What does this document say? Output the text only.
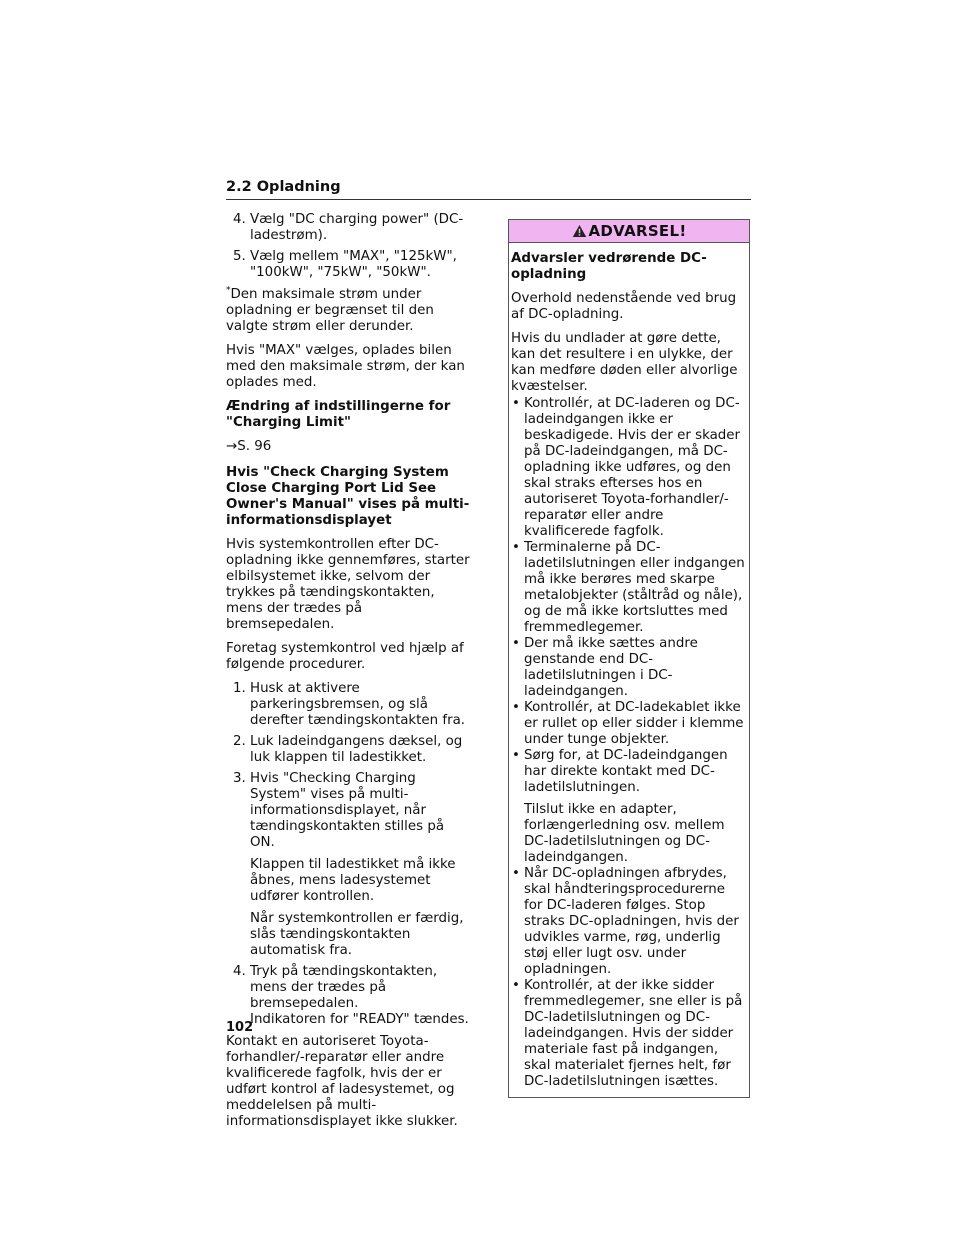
2.2 Opladning
4. Vælg "DC charging power" (DC-ladestrøm).
5. Vælg mellem "MAX", "125kW", "100kW", "75kW", "50kW".

*Den maksimale strøm under opladning er begrænset til den valgte strøm eller derunder.

Hvis "MAX" vælges, oplades bilen med den maksimale strøm, der kan oplades med.

Ændring af indstillingerne for "Charging Limit"

→S. 96

Hvis "Check Charging System Close Charging Port Lid See Owner's Manual" vises på multi-informationsdisplayet

Hvis systemkontrollen efter DC-opladning ikke gennemføres, starter elbilsystemet ikke, selvom der trykkes på tændingskontakten, mens der trædes på bremsepedalen.

Foretag systemkontrol ved hjælp af følgende procedurer.

1. Husk at aktivere parkeringsbremsen, og slå derefter tændingskontakten fra.
2. Luk ladeindgangens dæksel, og luk klappen til ladestikket.
3. Hvis "Checking Charging System" vises på multi-informationsdisplayet, når tændingskontakten stilles på ON.
Klappen til ladestikket må ikke åbnes, mens ladesystemet udfører kontrollen.
Når systemkontrollen er færdig, slås tændingskontakten automatisk fra.
4. Tryk på tændingskontakten, mens der trædes på bremsepedalen.
Indikatoren for "READY" tændes.

Kontakt en autoriseret Toyota-forhandler/-reparatør eller andre kvalificerede fagfolk, hvis der er udført kontrol af ladesystemet, og meddelelsen på multi-informationsdisplayet ikke slukker.

ADVARSEL!

Advarsler vedrørende DC-opladning

Overhold nedenstående ved brug af DC-opladning.

Hvis du undlader at gøre dette, kan det resultere i en ulykke, der kan medføre døden eller alvorlige kvæstelser.

• Kontrollér, at DC-laderen og DC-ladeindgangen ikke er beskadigede. Hvis der er skader på DC-ladeindgangen, må DC-opladning ikke udføres, og den skal straks efterses hos en autoriseret Toyota-forhandler/-reparatør eller andre kvalificerede fagfolk.
• Terminalerne på DC-ladetilslutningen eller indgangen må ikke berøres med skarpe metalobjekter (ståltråd og nåle), og de må ikke kortsluttes med fremmedlegemer.
• Der må ikke sættes andre genstande end DC-ladetilslutningen i DC-ladeindgangen.
• Kontrollér, at DC-ladekablet ikke er rullet op eller sidder i klemme under tunge objekter.
• Sørg for, at DC-ladeindgangen har direkte kontakt med DC-ladetilslutningen.
Tilslut ikke en adapter, forlængerledning osv. mellem DC-ladetilslutningen og DC-ladeindgangen.
• Når DC-opladningen afbrydes, skal håndteringsprocedurerne for DC-laderen følges. Stop straks DC-opladningen, hvis der udvikles varme, røg, underlig støj eller lugt osv. under opladningen.
• Kontrollér, at der ikke sidder fremmedlegemer, sne eller is på DC-ladetilslutningen og DC-ladeindgangen. Hvis der sidder materiale fast på indgangen, skal materialet fjernes helt, før DC-ladetilslutningen isættes.
102
